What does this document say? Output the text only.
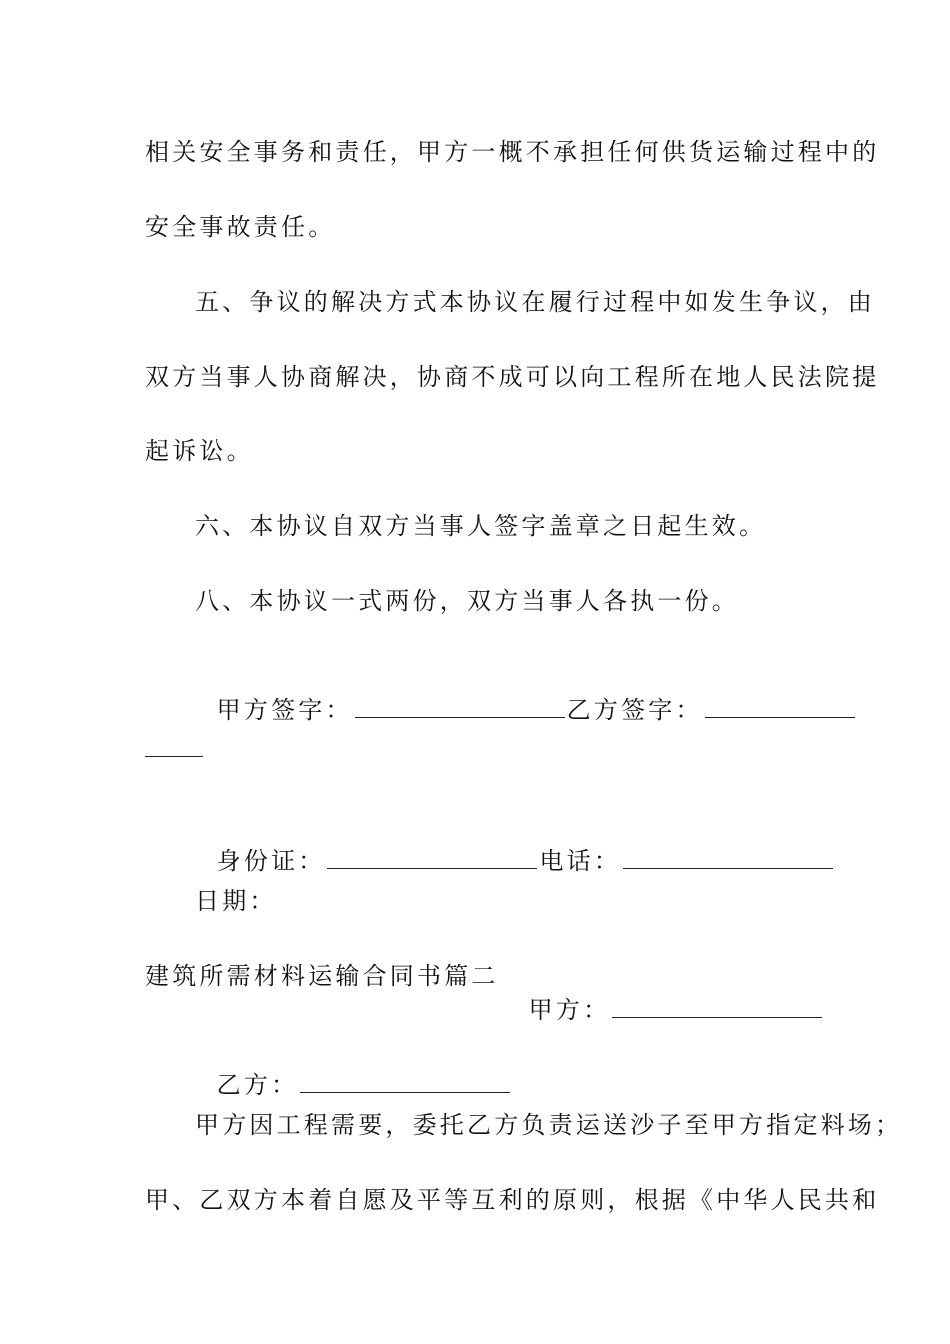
相关安全事务和责任，甲方一概不承担任何供货运输过程中的
安全事故责任。
五、争议的解决方式本协议在履行过程中如发生争议，由
双方当事人协商解决，协商不成可以向工程所在地人民法院提
起诉讼。
六、本协议自双方当事人签字盖章之日起生效。
八、本协议一式两份，双方当事人各执一份。

甲方签字：	乙方签字：

身份证：	电话：

日期：
建筑所需材料运输合同书篇二

甲方：

乙方：

甲方因工程需要，委托乙方负责运送沙子至甲方指定料场；
甲、乙双方本着自愿及平等互利的原则，根据《中华人民共和
